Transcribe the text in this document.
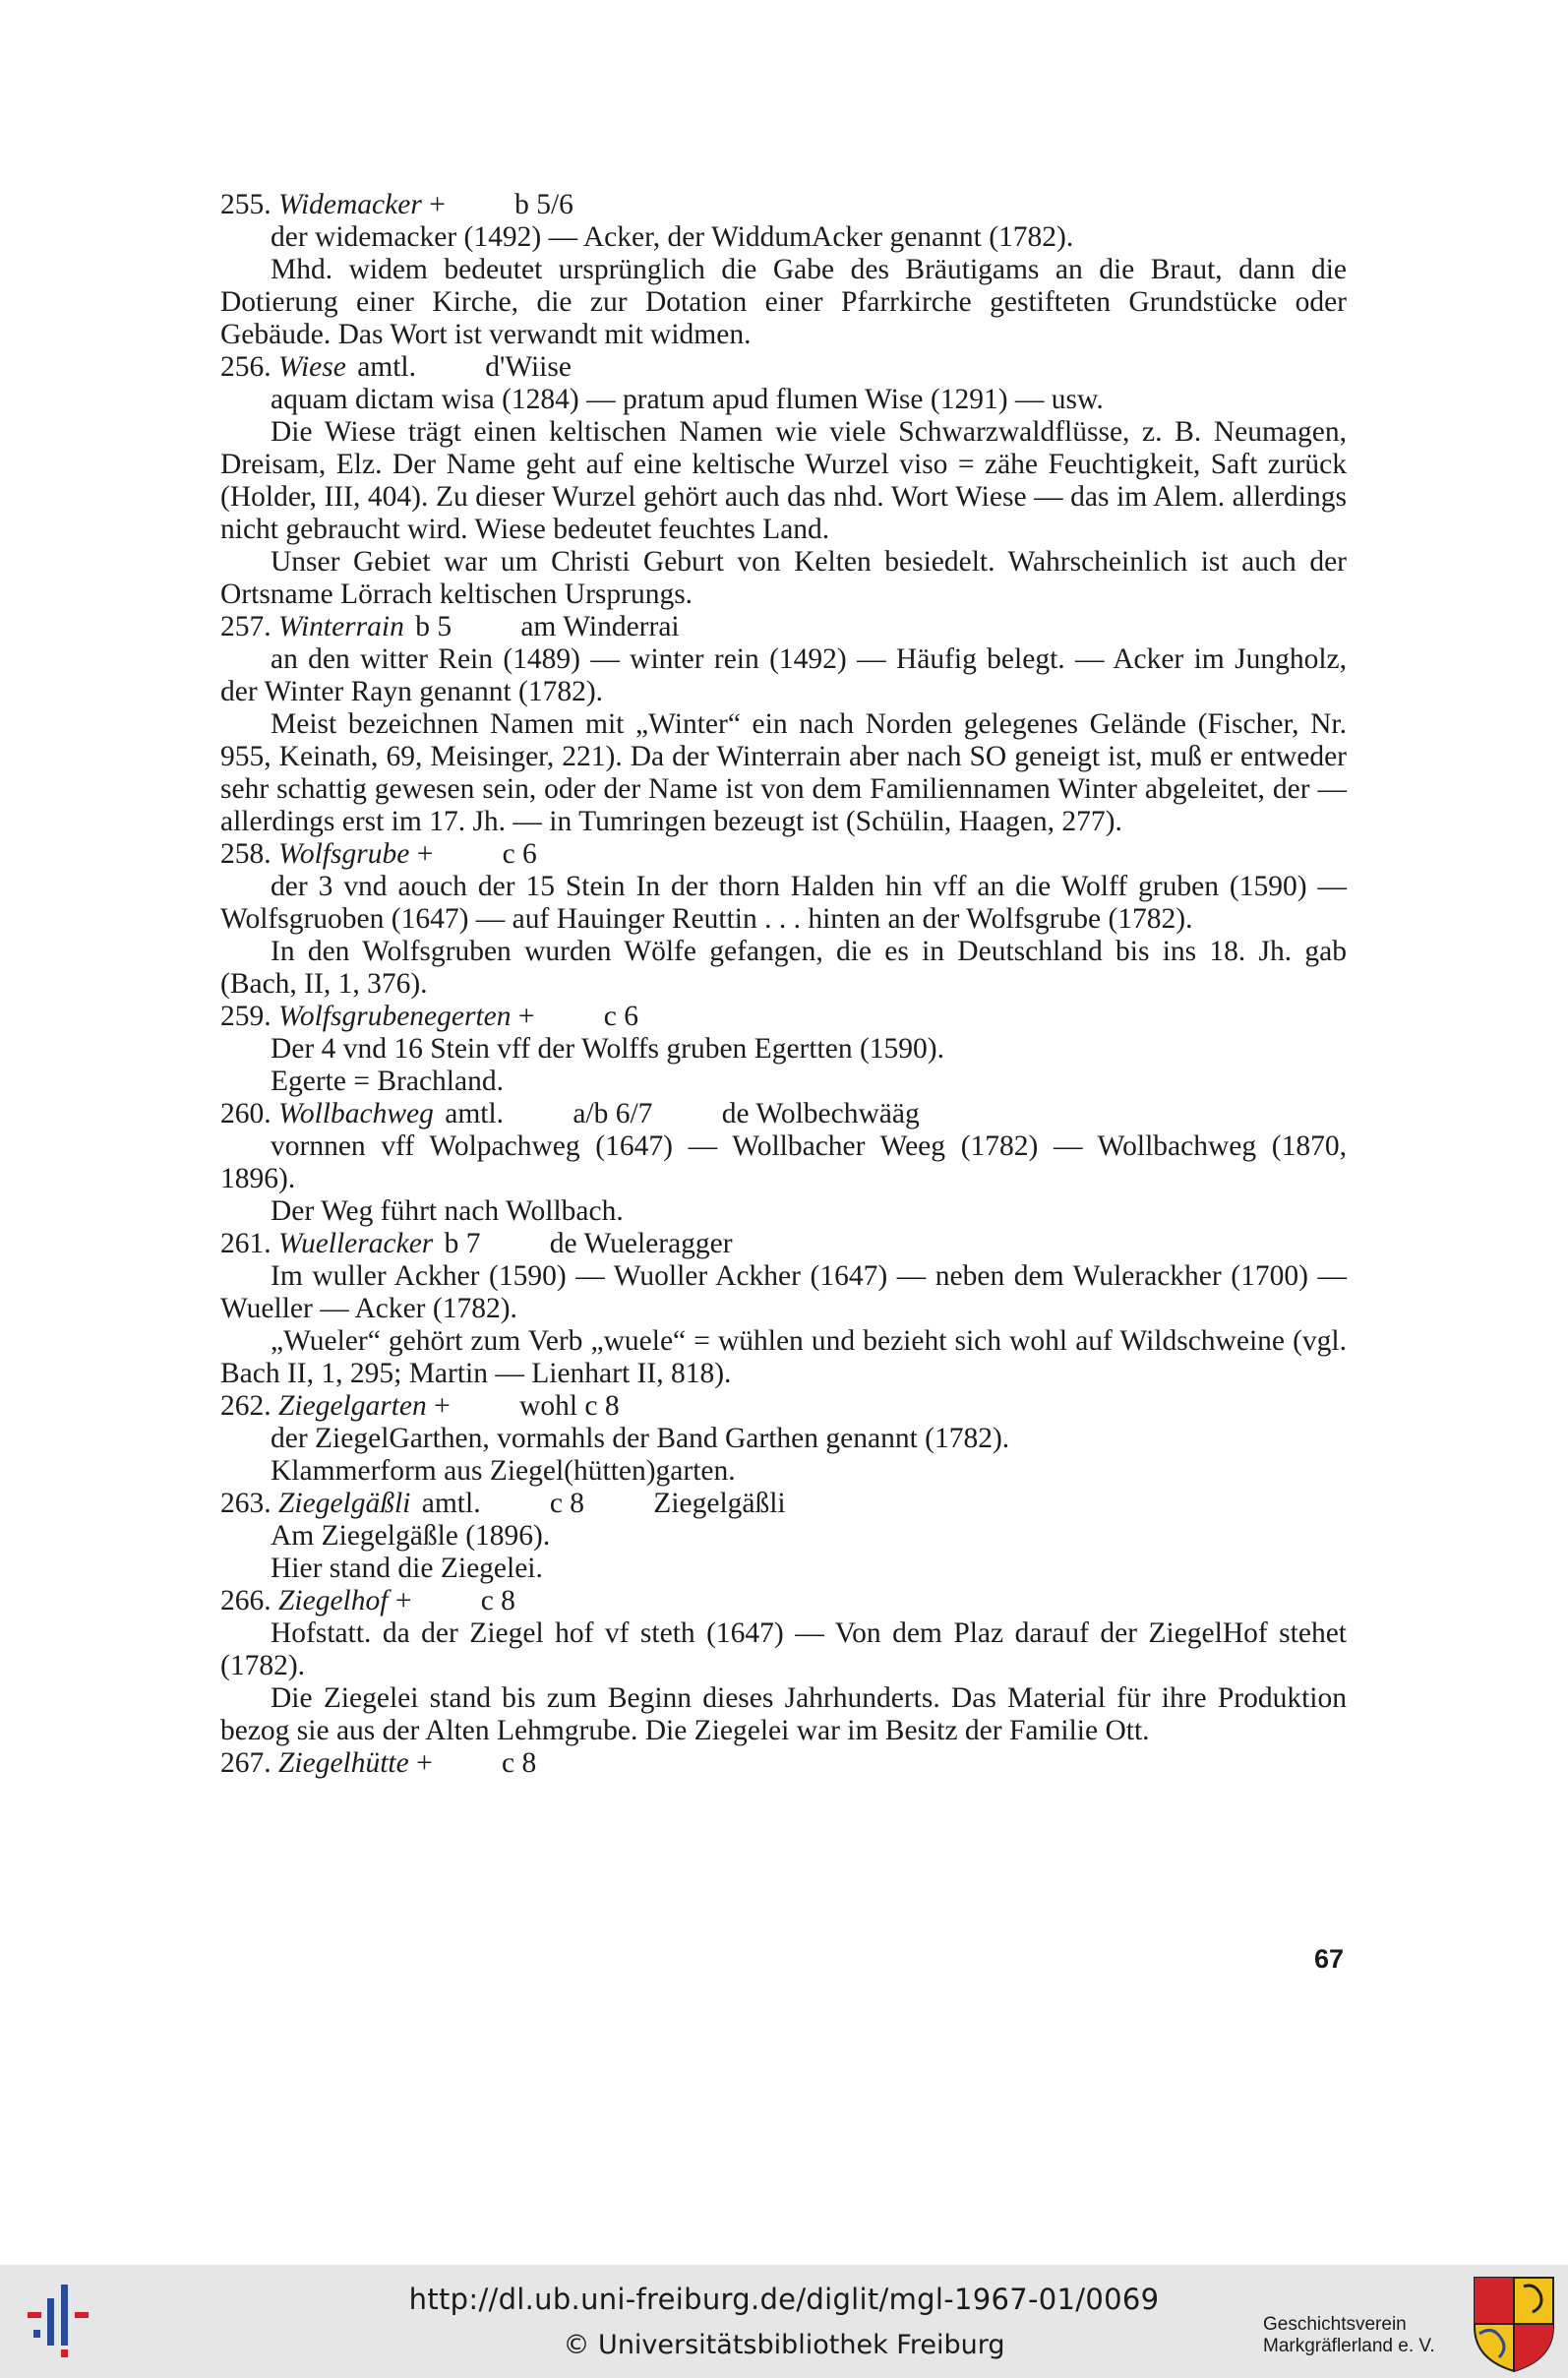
255. Widemacker + b 5/6

der widemacker (1492) — Acker, der WiddumAcker genannt (1782).

Mhd. widem bedeutet ursprünglich die Gabe des Bräutigams an die Braut, dann die Dotierung einer Kirche, die zur Dotation einer Pfarrkirche gestifteten Grundstücke oder Gebäude. Das Wort ist verwandt mit widmen.

256. Wiese amtl. d'Wiise

aquam dictam wisa (1284) — pratum apud flumen Wise (1291) — usw.

Die Wiese trägt einen keltischen Namen wie viele Schwarzwaldflüsse, z. B. Neumagen, Dreisam, Elz. Der Name geht auf eine keltische Wurzel viso = zähe Feuchtigkeit, Saft zurück (Holder, III, 404). Zu dieser Wurzel gehört auch das nhd. Wort Wiese — das im Alem. allerdings nicht gebraucht wird. Wiese bedeutet feuchtes Land.

Unser Gebiet war um Christi Geburt von Kelten besiedelt. Wahrscheinlich ist auch der Ortsname Lörrach keltischen Ursprungs.

257. Winterrain b 5 am Winderrai

an den witter Rein (1489) — winter rein (1492) — Häufig belegt. — Acker im Jungholz, der Winter Rayn genannt (1782).

Meist bezeichnen Namen mit „Winter“ ein nach Norden gelegenes Gelände (Fischer, Nr. 955, Keinath, 69, Meisinger, 221). Da der Winterrain aber nach SO geneigt ist, muß er entweder sehr schattig gewesen sein, oder der Name ist von dem Familiennamen Winter abgeleitet, der — allerdings erst im 17. Jh. — in Tumringen bezeugt ist (Schülin, Haagen, 277).

258. Wolfsgrube + c 6

der 3 vnd aouch der 15 Stein In der thorn Halden hin vff an die Wolff gruben (1590) — Wolfsgruoben (1647) — auf Hauinger Reuttin . . . hinten an der Wolfsgrube (1782).

In den Wolfsgruben wurden Wölfe gefangen, die es in Deutschland bis ins 18. Jh. gab (Bach, II, 1, 376).

259. Wolfsgrubenegerten + c 6

Der 4 vnd 16 Stein vff der Wolffs gruben Egertten (1590).

Egerte = Brachland.

260. Wollbachweg amtl. a/b 6/7 de Wolbechwääg

vornnen vff Wolpachweg (1647) — Wollbacher Weeg (1782) — Wollbachweg (1870, 1896).

Der Weg führt nach Wollbach.

261. Wuelleracker b 7 de Wueleragger

Im wuller Ackher (1590) — Wuoller Ackher (1647) — neben dem Wulerackher (1700) — Wueller — Acker (1782).

„Wueler“ gehört zum Verb „wuele“ = wühlen und bezieht sich wohl auf Wildschweine (vgl. Bach II, 1, 295; Martin — Lienhart II, 818).

262. Ziegelgarten + wohl c 8

der ZiegelGarthen, vormahls der Band Garthen genannt (1782).

Klammerform aus Ziegel(hütten)garten.

263. Ziegelgäßli amtl. c 8 Ziegelgäßli

Am Ziegelgäßle (1896).

Hier stand die Ziegelei.

266. Ziegelhof + c 8

Hofstatt. da der Ziegel hof vf steth (1647) — Von dem Plaz darauf der ZiegelHof stehet (1782).

Die Ziegelei stand bis zum Beginn dieses Jahrhunderts. Das Material für ihre Produktion bezog sie aus der Alten Lehmgrube. Die Ziegelei war im Besitz der Familie Ott.

267. Ziegelhütte + c 8
67
http://dl.ub.uni-freiburg.de/diglit/mgl-1967-01/0069
© Universitätsbibliothek Freiburg
Geschichtsverein
Markgräflerland e. V.
